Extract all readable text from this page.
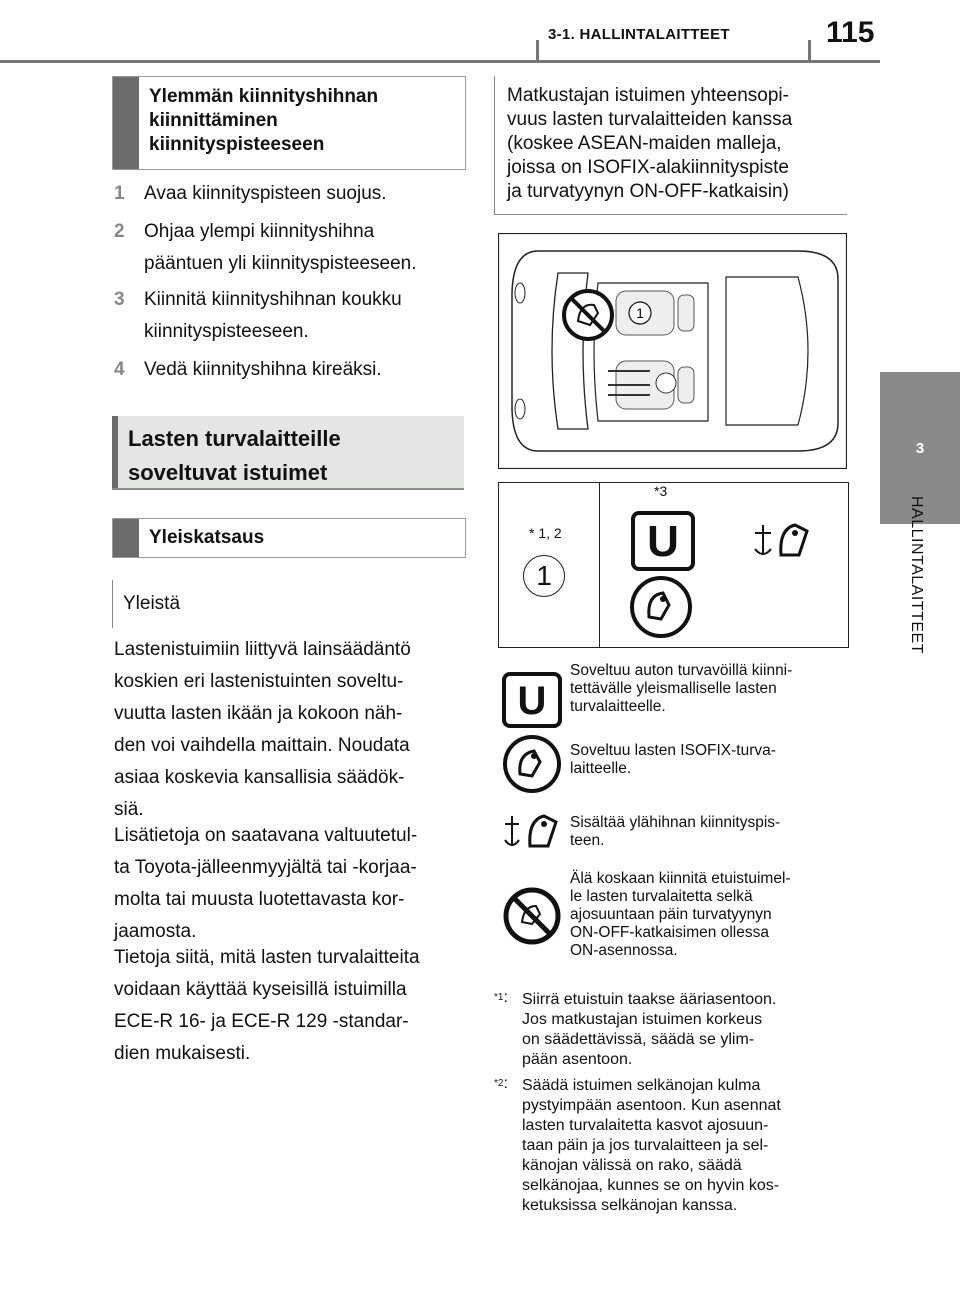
3-1. HALLINTALAITTEET	115
3
HALLINTALAITTEET
Ylemmän kiinnityshihnan
kiinnittäminen
kiinnityspisteeseen
1 Avaa kiinnityspisteen suojus.
2 Ohjaa ylempi kiinnityshihna
pääntuen yli kiinnityspisteeseen.
3 Kiinnitä kiinnityshihnan koukku
kiinnityspisteeseen.
4 Vedä kiinnityshihna kireäksi.
Lasten turvalaitteille
soveltuvat istuimet
Yleiskatsaus
Yleistä
Lastenistuimiin liittyvä lainsäädäntö
koskien eri lastenistuinten soveltu-
vuutta lasten ikään ja kokoon näh-
den voi vaihdella maittain. Noudata
asiaa koskevia kansallisia säädök-
siä.
Lisätietoja on saatavana valtuutetul-
ta Toyota-jälleenmyyjältä tai -korjaa-
molta tai muusta luotettavasta kor-
jaamosta.
Tietoja siitä, mitä lasten turvalaitteita
voidaan käyttää kyseisillä istuimilla
ECE-R 16- ja ECE-R 129 -standar-
dien mukaisesti.
Matkustajan istuimen yhteensopi-
vuus lasten turvalaitteiden kanssa
(koskee ASEAN-maiden malleja,
joissa on ISOFIX-alakiinnityspiste
ja turvatyynyn ON-OFF-katkaisin)
1
* 1, 2
1
*3
U
U
Soveltuu auton turvavöillä kiinni-
tettävälle yleismalliselle lasten
turvalaitteelle.
Soveltuu lasten ISOFIX-turva-
laitteelle.
Sisältää ylähihnan kiinnityspis-
teen.
Älä koskaan kiinnitä etuistuimel-
le lasten turvalaitetta selkä
ajosuuntaan päin turvatyynyn
ON-OFF-katkaisimen ollessa
ON-asennossa.
$^{*1}$: Siirrä etuistuin taakse ääriasentoon.
Jos matkustajan istuimen korkeus
on säädettävissä, säädä se ylim-
pään asentoon.
$^{*2}$: Säädä istuimen selkänojan kulma
pystyimpään asentoon. Kun asennat
lasten turvalaitetta kasvot ajosuun-
taan päin ja jos turvalaitteen ja sel-
känojan välissä on rako, säädä
selkänojaa, kunnes se on hyvin kos-
ketuksissa selkänojan kanssa.
